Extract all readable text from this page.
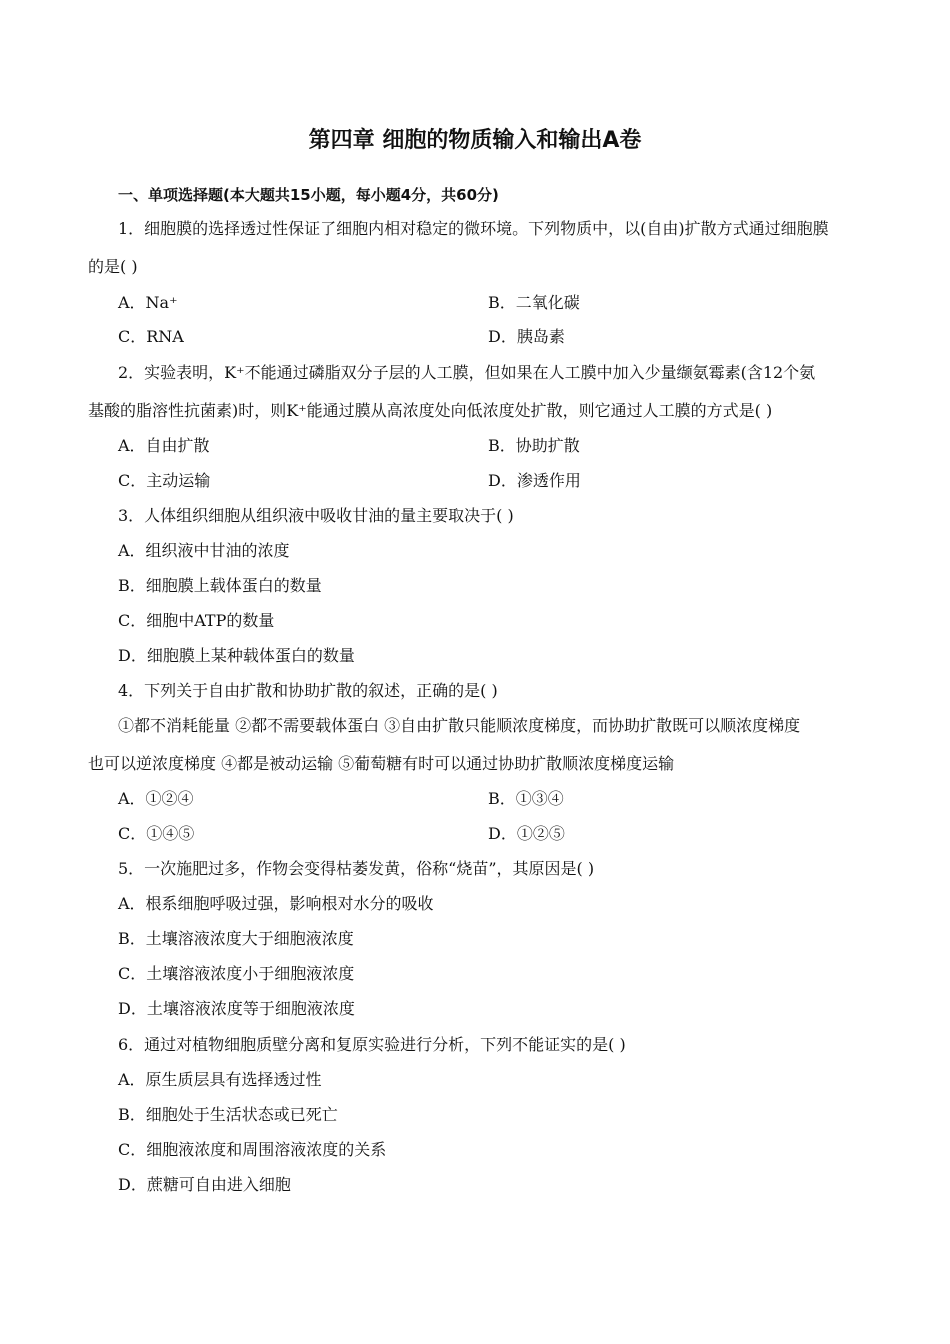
第四章 细胞的物质输入和输出A卷
一、单项选择题(本大题共15小题，每小题4分，共60分)
1．细胞膜的选择透过性保证了细胞内相对稳定的微环境。下列物质中，以(自由)扩散方式通过细胞膜
的是( )
A．Na⁺	B．二氧化碳
C．RNA	D．胰岛素
2．实验表明，K⁺不能通过磷脂双分子层的人工膜，但如果在人工膜中加入少量缬氨霉素(含12个氨
基酸的脂溶性抗菌素)时，则K⁺能通过膜从高浓度处向低浓度处扩散，则它通过人工膜的方式是( )
A．自由扩散	B．协助扩散
C．主动运输	D．渗透作用
3．人体组织细胞从组织液中吸收甘油的量主要取决于( )
A．组织液中甘油的浓度
B．细胞膜上载体蛋白的数量
C．细胞中ATP的数量
D．细胞膜上某种载体蛋白的数量
4．下列关于自由扩散和协助扩散的叙述，正确的是( )
①都不消耗能量 ②都不需要载体蛋白 ③自由扩散只能顺浓度梯度，而协助扩散既可以顺浓度梯度
也可以逆浓度梯度 ④都是被动运输 ⑤葡萄糖有时可以通过协助扩散顺浓度梯度运输
A．①②④	B．①③④
C．①④⑤	D．①②⑤
5．一次施肥过多，作物会变得枯萎发黄，俗称“烧苗”，其原因是( )
A．根系细胞呼吸过强，影响根对水分的吸收
B．土壤溶液浓度大于细胞液浓度
C．土壤溶液浓度小于细胞液浓度
D．土壤溶液浓度等于细胞液浓度
6．通过对植物细胞质壁分离和复原实验进行分析，下列不能证实的是( )
A．原生质层具有选择透过性
B．细胞处于生活状态或已死亡
C．细胞液浓度和周围溶液浓度的关系
D．蔗糖可自由进入细胞
